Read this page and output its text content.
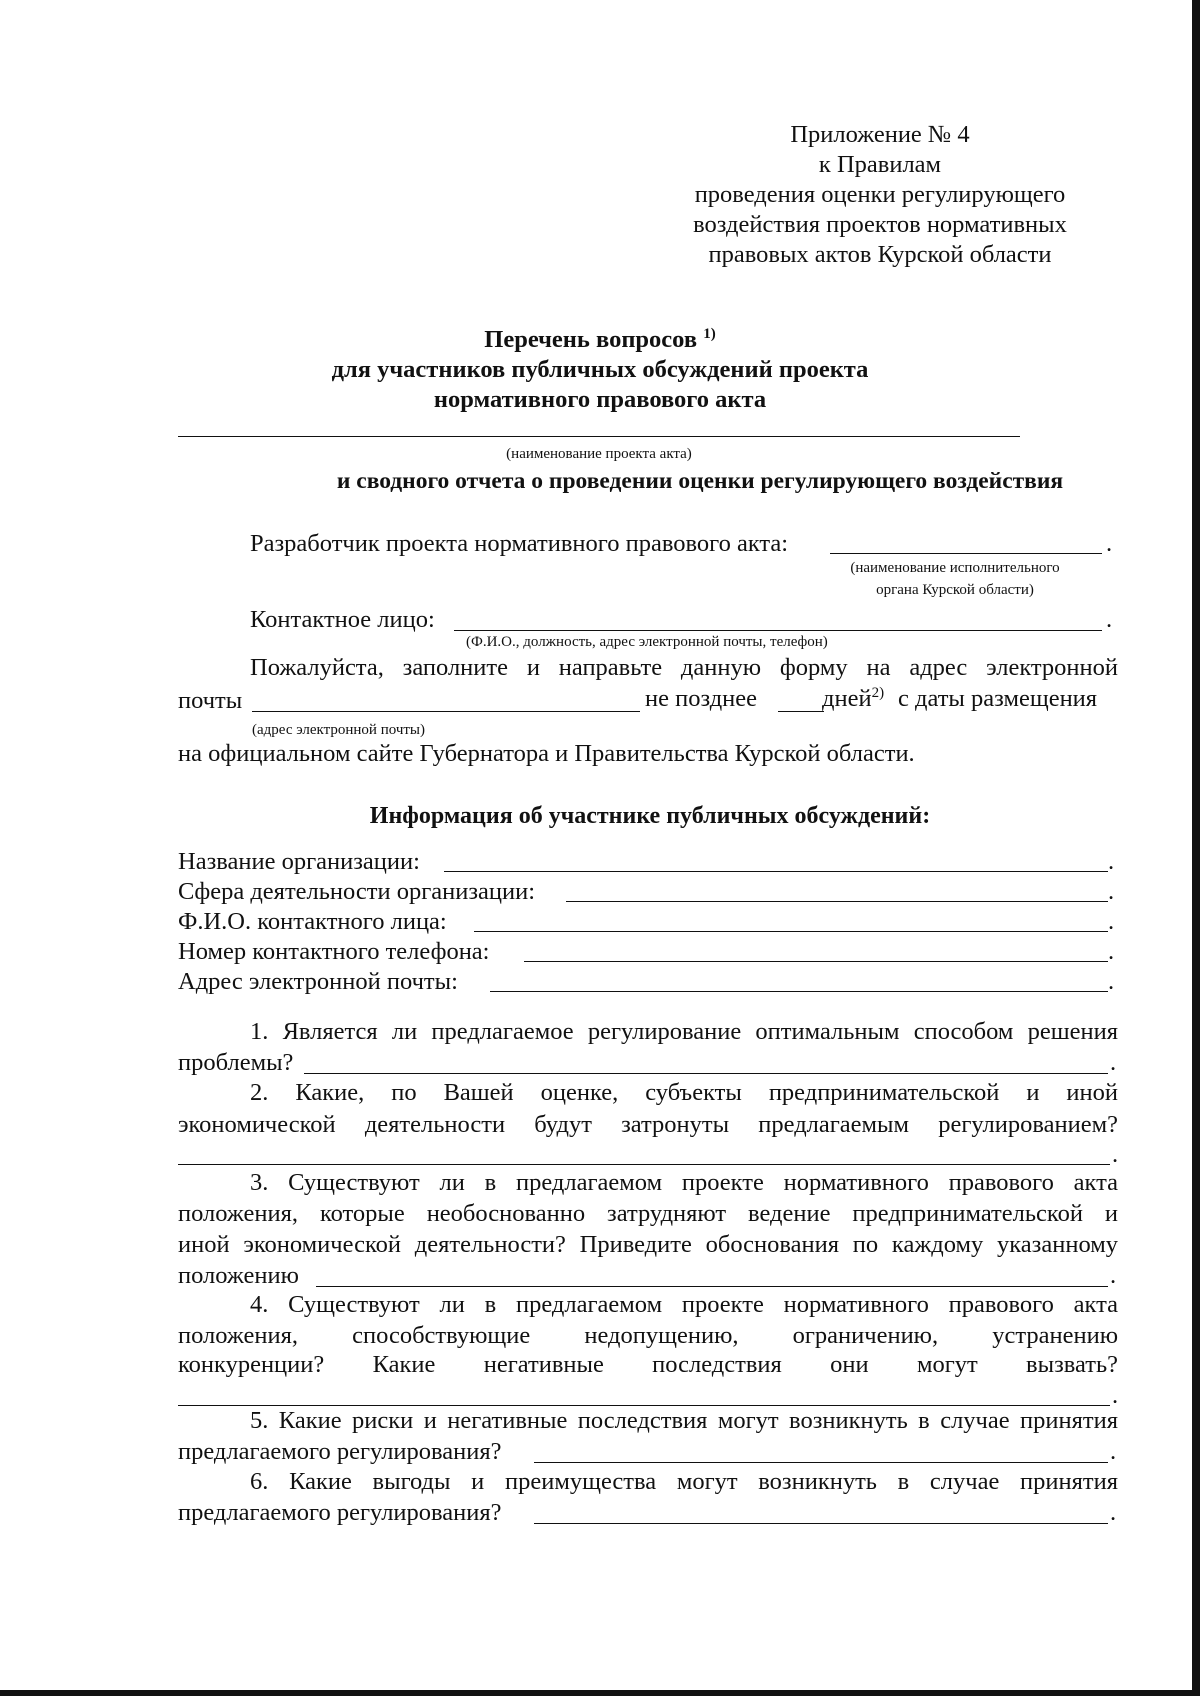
Приложение № 4
к Правилам
проведения оценки регулирующего
воздействия проектов нормативных
правовых актов Курской области
Перечень вопросов $^{1)}$
для участников публичных обсуждений проекта
нормативного правового акта
(наименование проекта акта)
и сводного отчета о проведении оценки регулирующего воздействия
Разработчик проекта нормативного правового акта:	.
(наименование исполнительного
органа Курской области)
Контактное лицо:	.
(Ф.И.О., должность, адрес электронной почты, телефон)
Пожалуйста, заполните и направьте данную форму на адрес электронной
почты	не позднее	дней$^{2)}$ с даты размещения
(адрес электронной почты)
на официальном сайте Губернатора и Правительства Курской области.
Информация об участнике публичных обсуждений:
Название организации:	.
Сфера деятельности организации:	.
Ф.И.О. контактного лица:	.
Номер контактного телефона:	.
Адрес электронной почты:	.
1. Является ли предлагаемое регулирование оптимальным способом решения
проблемы?	.
2. Какие, по Вашей оценке, субъекты предпринимательской и иной
экономической деятельности будут затронуты предлагаемым регулированием?
.
3. Существуют ли в предлагаемом проекте нормативного правового акта
положения, которые необоснованно затрудняют ведение предпринимательской и
иной экономической деятельности? Приведите обоснования по каждому указанному
положению	.
4. Существуют ли в предлагаемом проекте нормативного правового акта
положения, способствующие недопущению, ограничению, устранению
конкуренции? Какие негативные последствия они могут вызвать?
.
5. Какие риски и негативные последствия могут возникнуть в случае принятия
предлагаемого регулирования?	.
6. Какие выгоды и преимущества могут возникнуть в случае принятия
предлагаемого регулирования?	.
